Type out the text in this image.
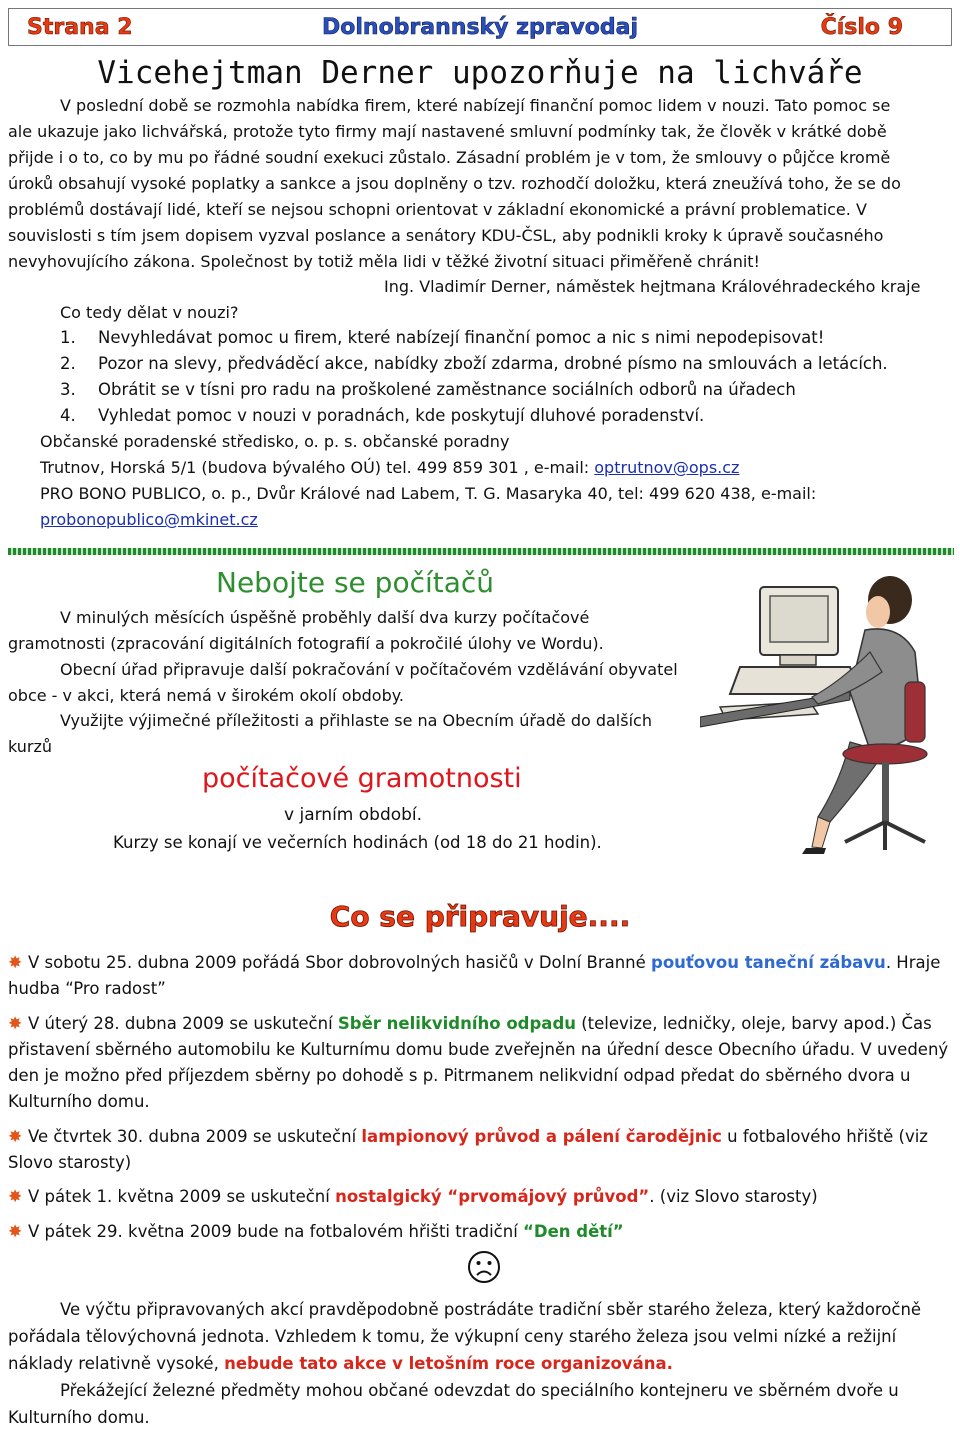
Strana 2	Dolnobrannský zpravodaj	Číslo 9
Vicehejtman Derner upozorňuje na lichváře
V poslední době se rozmohla nabídka firem, které nabízejí finanční pomoc lidem v nouzi. Tato pomoc se
ale ukazuje jako lichvářská, protože tyto firmy mají nastavené smluvní podmínky tak, že člověk v krátké době
přijde i o to, co by mu po řádné soudní exekuci zůstalo. Zásadní problém je v tom, že smlouvy o půjčce kromě
úroků obsahují vysoké poplatky a sankce a jsou doplněny o tzv. rozhodčí doložku, která zneužívá toho, že se do
problémů dostávají lidé, kteří se nejsou schopni orientovat v základní ekonomické a právní problematice. V
souvislosti s tím jsem dopisem vyzval poslance a senátory KDU-ČSL, aby podnikli kroky k úpravě současného
nevyhovujícího zákona. Společnost by totiž měla lidi v těžké životní situaci přiměřeně chránit!
Ing. Vladimír Derner, náměstek hejtmana Královéhradeckého kraje
Co tedy dělat v nouzi?
1. Nevyhledávat pomoc u firem, které nabízejí finanční pomoc a nic s nimi nepodepisovat!
2. Pozor na slevy, předváděcí akce, nabídky zboží zdarma, drobné písmo na smlouvách a letácích.
3. Obrátit se v tísni pro radu na proškolené zaměstnance sociálních odborů na úřadech
4. Vyhledat pomoc v nouzi v poradnách, kde poskytují dluhové poradenství.
Občanské poradenské středisko, o. p. s. občanské poradny
Trutnov, Horská 5/1 (budova bývalého OÚ) tel. 499 859 301 , e-mail: optrutnov@ops.cz
PRO BONO PUBLICO, o. p., Dvůr Králové nad Labem, T. G. Masaryka 40, tel: 499 620 438, e-mail:
probonopublico@mkinet.cz
Nebojte se počítačů
V minulých měsících úspěšně proběhly další dva kurzy počítačové
gramotnosti (zpracování digitálních fotografií a pokročilé úlohy ve Wordu).
Obecní úřad připravuje další pokračování v počítačovém vzdělávání obyvatel
obce - v akci, která nemá v širokém okolí obdoby.
Využijte výjimečné příležitosti a přihlaste se na Obecním úřadě do dalších
kurzů
počítačové gramotnosti
v jarním období.
Kurzy se konají ve večerních hodinách (od 18 do 21 hodin).
Co se připravuje....
✸ V sobotu 25. dubna 2009 pořádá Sbor dobrovolných hasičů v Dolní Branné pouťovou taneční zábavu. Hraje hudba “Pro radost”
✸ V úterý 28. dubna 2009 se uskuteční Sběr nelikvidního odpadu (televize, ledničky, oleje, barvy apod.) Čas přistavení sběrného automobilu ke Kulturnímu domu bude zveřejněn na úřední desce Obecního úřadu. V uvedený den je možno před příjezdem sběrny po dohodě s p. Pitrmanem nelikvidní odpad předat do sběrného dvora u Kulturního domu.
✸ Ve čtvrtek 30. dubna 2009 se uskuteční lampionový průvod a pálení čarodějnic u fotbalového hřiště (viz Slovo starosty)
✸ V pátek 1. května 2009 se uskuteční nostalgický “prvomájový průvod”. (viz Slovo starosty)
✸ V pátek 29. května 2009 bude na fotbalovém hřišti tradiční “Den dětí”
Ve výčtu připravovaných akcí pravděpodobně postrádáte tradiční sběr starého železa, který každoročně pořádala tělovýchovná jednota. Vzhledem k tomu, že výkupní ceny starého železa jsou velmi nízké a režijní náklady relativně vysoké, nebude tato akce v letošním roce organizována.
Překážející železné předměty mohou občané odevzdat do speciálního kontejneru ve sběrném dvoře u Kulturního domu.
